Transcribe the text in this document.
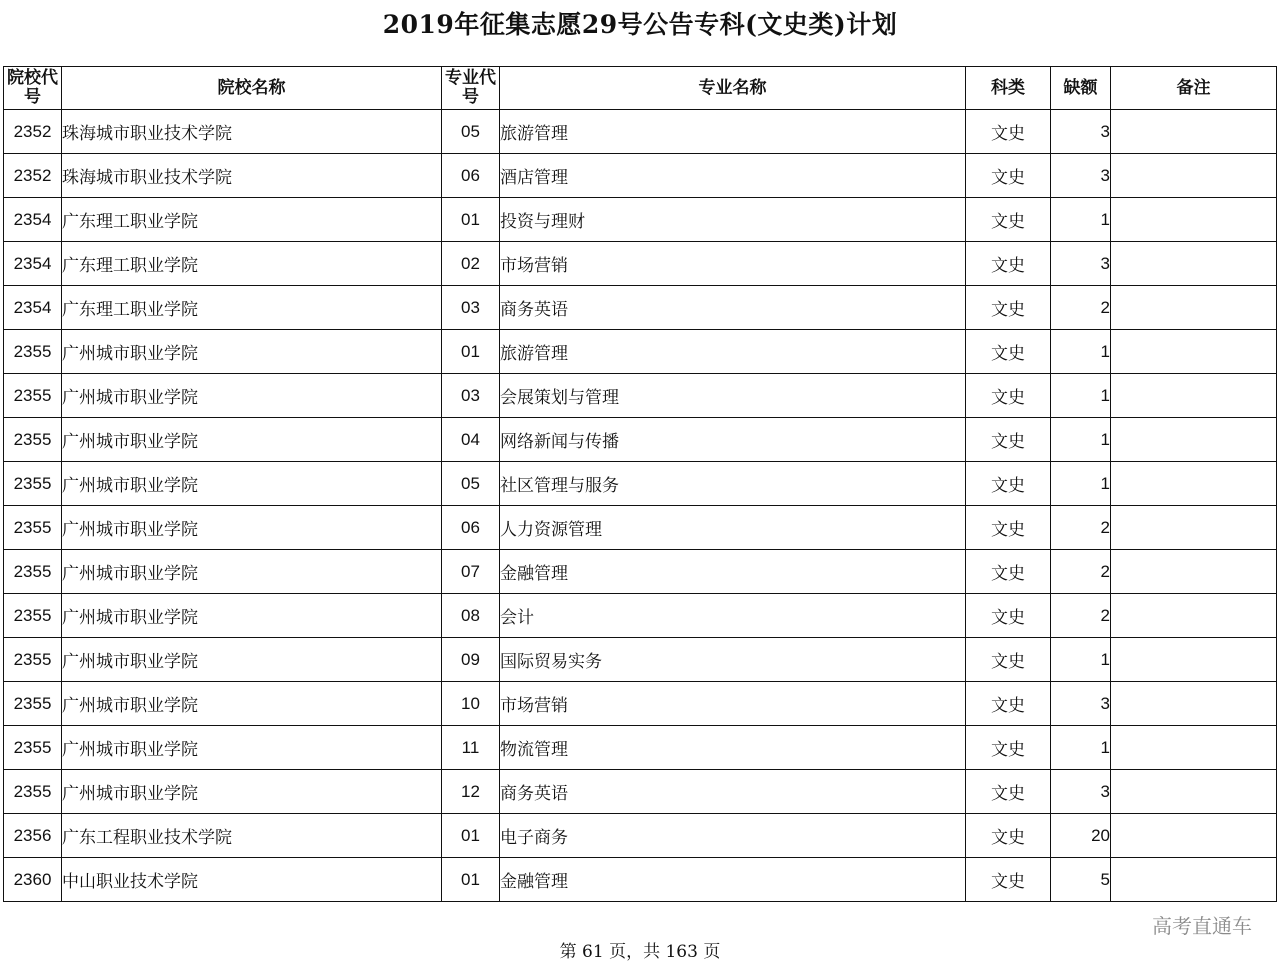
2019年征集志愿29号公告专科(文史类)计划
院校代号	院校名称	专业代号	专业名称	科类	缺额	备注
2352	珠海城市职业技术学院	05	旅游管理	文史	3	
2352	珠海城市职业技术学院	06	酒店管理	文史	3	
2354	广东理工职业学院	01	投资与理财	文史	1	
2354	广东理工职业学院	02	市场营销	文史	3	
2354	广东理工职业学院	03	商务英语	文史	2	
2355	广州城市职业学院	01	旅游管理	文史	1	
2355	广州城市职业学院	03	会展策划与管理	文史	1	
2355	广州城市职业学院	04	网络新闻与传播	文史	1	
2355	广州城市职业学院	05	社区管理与服务	文史	1	
2355	广州城市职业学院	06	人力资源管理	文史	2	
2355	广州城市职业学院	07	金融管理	文史	2	
2355	广州城市职业学院	08	会计	文史	2	
2355	广州城市职业学院	09	国际贸易实务	文史	1	
2355	广州城市职业学院	10	市场营销	文史	3	
2355	广州城市职业学院	11	物流管理	文史	1	
2355	广州城市职业学院	12	商务英语	文史	3	
2356	广东工程职业技术学院	01	电子商务	文史	20	
2360	中山职业技术学院	01	金融管理	文史	5	
高考直通车
第 61 页，共 163 页
